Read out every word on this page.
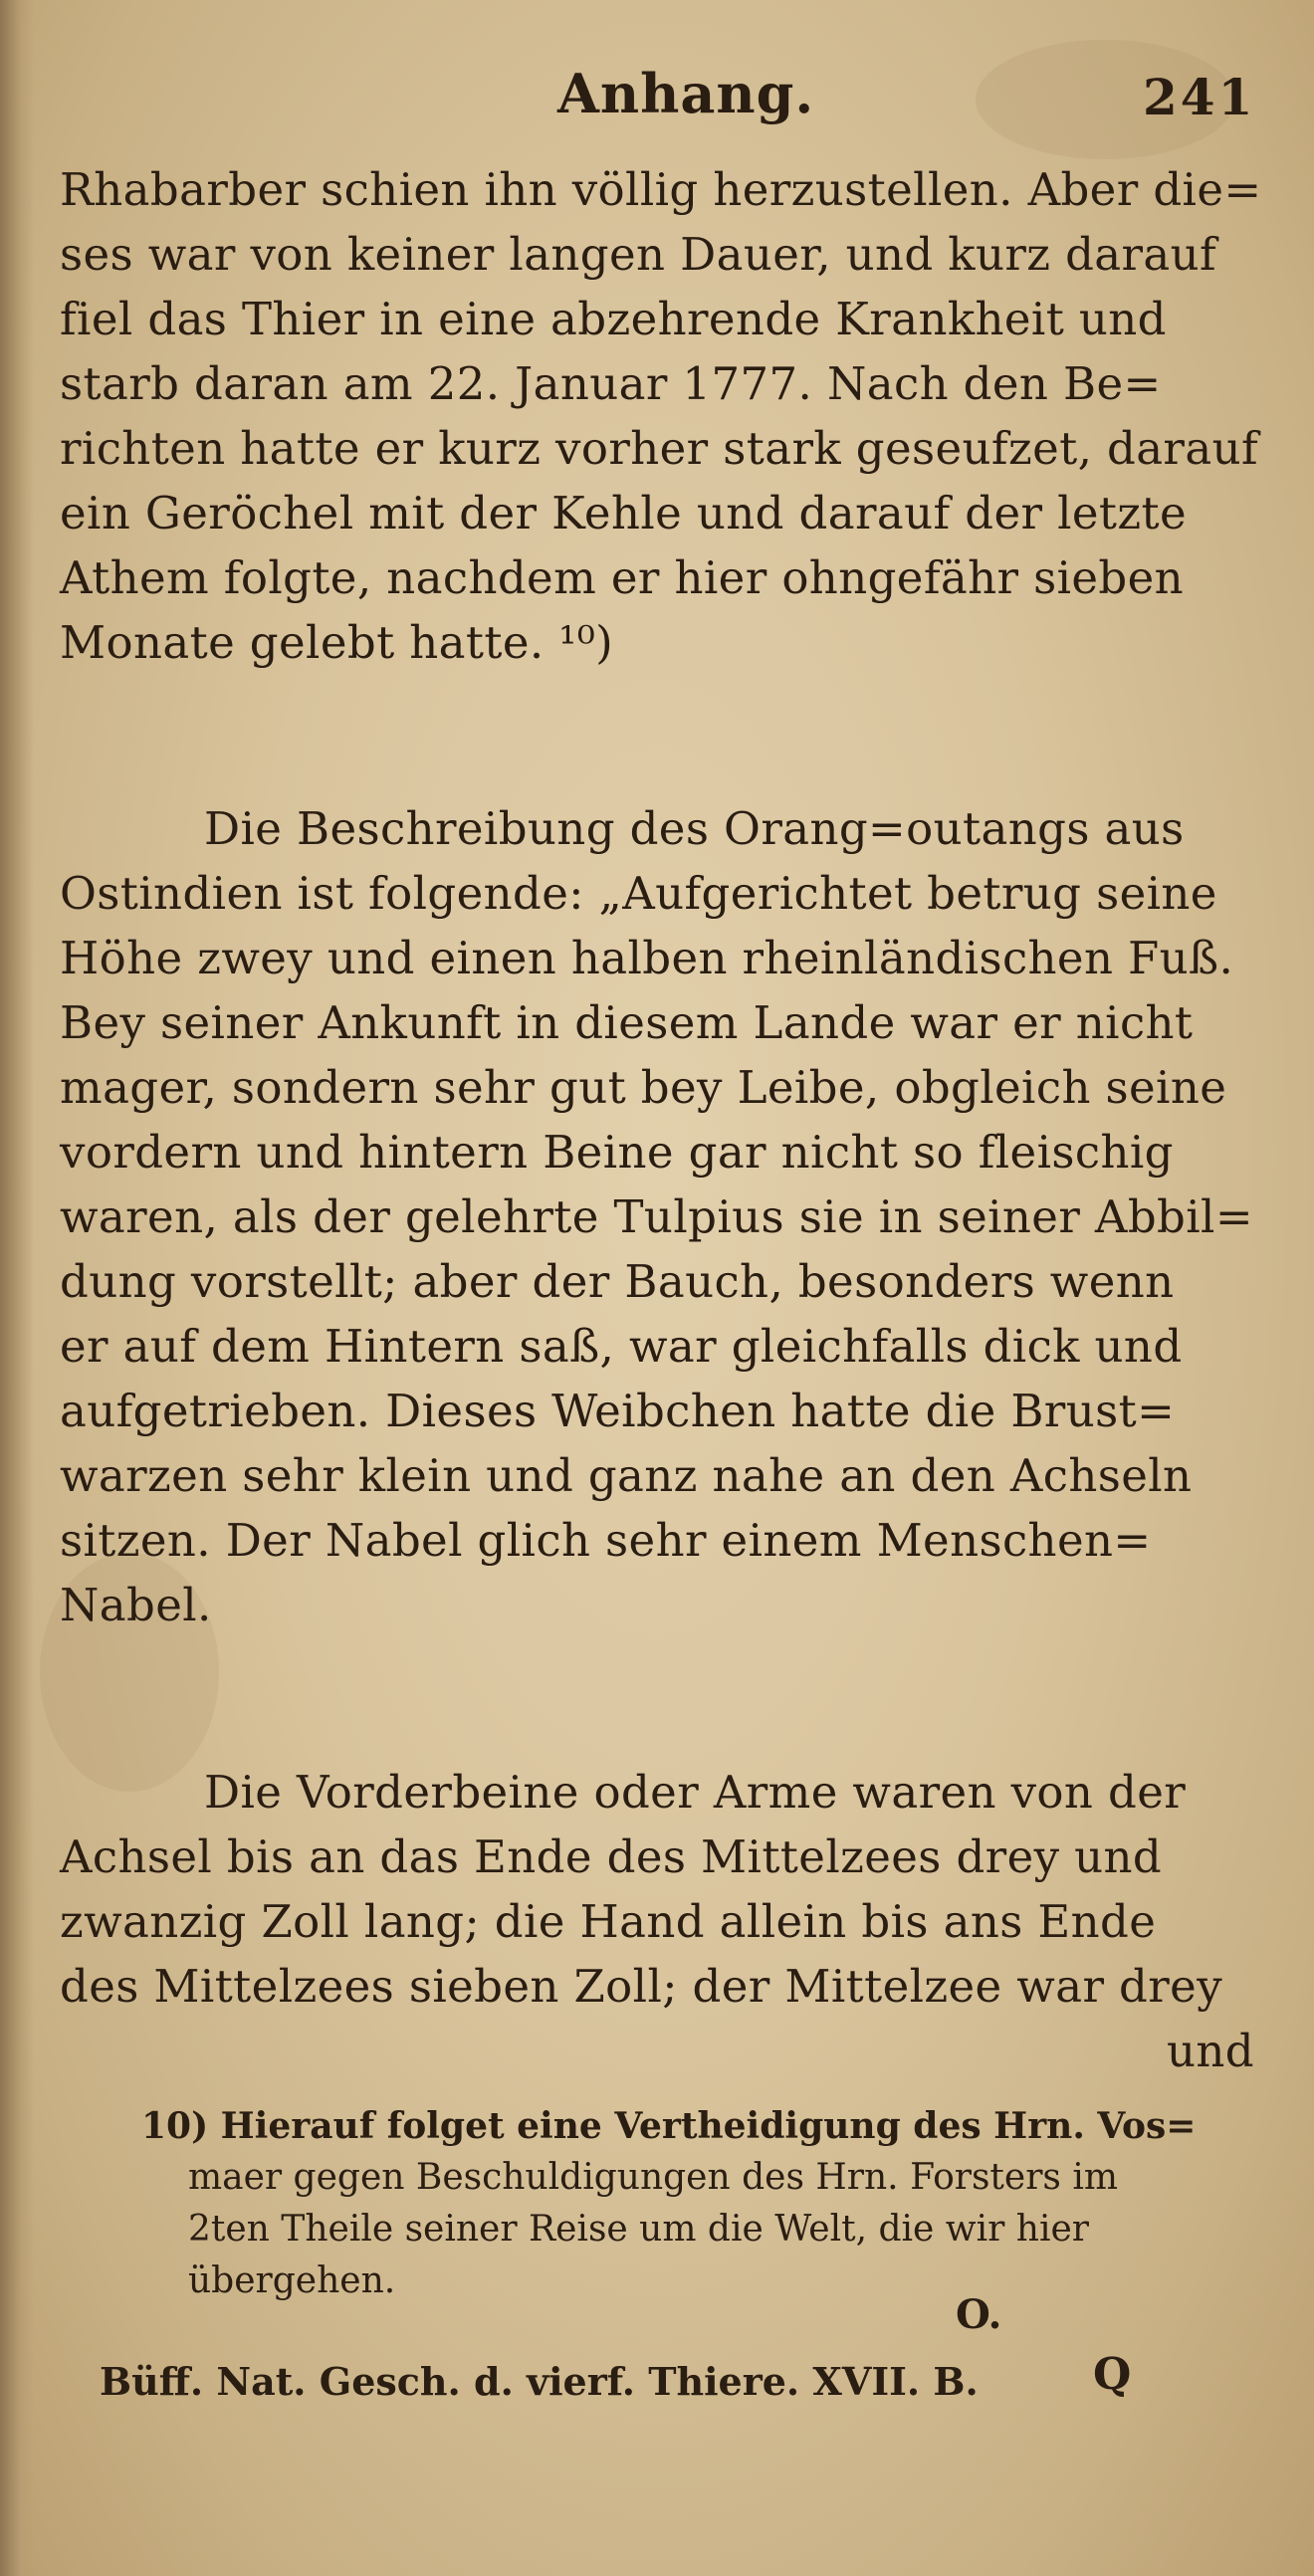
Anhang.	241
Rhabarber schien ihn völlig herzustellen. Aber die=
ses war von keiner langen Dauer, und kurz darauf
fiel das Thier in eine abzehrende Krankheit und
starb daran am 22. Januar 1777. Nach den Be=
richten hatte er kurz vorher stark geseufzet, darauf
ein Geröchel mit der Kehle und darauf der letzte
Athem folgte, nachdem er hier ohngefähr sieben
Monate gelebt hatte. ¹⁰)
Die Beschreibung des Orang=outangs aus
Ostindien ist folgende: „Aufgerichtet betrug seine
Höhe zwey und einen halben rheinländischen Fuß.
Bey seiner Ankunft in diesem Lande war er nicht
mager, sondern sehr gut bey Leibe, obgleich seine
vordern und hintern Beine gar nicht so fleischig
waren, als der gelehrte Tulpius sie in seiner Abbil=
dung vorstellt; aber der Bauch, besonders wenn
er auf dem Hintern saß, war gleichfalls dick und
aufgetrieben. Dieses Weibchen hatte die Brust=
warzen sehr klein und ganz nahe an den Achseln
sitzen. Der Nabel glich sehr einem Menschen=
Nabel.
Die Vorderbeine oder Arme waren von der
Achsel bis an das Ende des Mittelzees drey und
zwanzig Zoll lang; die Hand allein bis ans Ende
des Mittelzees sieben Zoll; der Mittelzee war drey
und
10) Hierauf folget eine Vertheidigung des Hrn. Vos=
maer gegen Beschuldigungen des Hrn. Forsters im
2ten Theile seiner Reise um die Welt, die wir hier
übergehen.
O.
Büff. Nat. Gesch. d. vierf. Thiere. XVII. B.	Q
